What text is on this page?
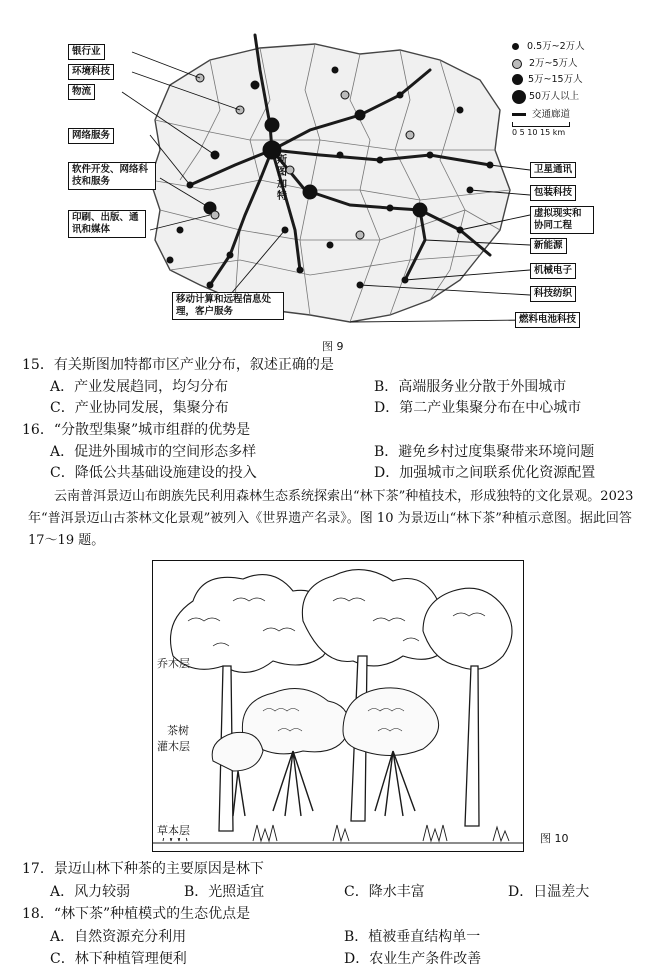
银行业
环境科技
物流
网络服务
软件开发、网络科技和服务
印刷、出版、通讯和媒体
移动计算和远程信息处理，客户服务
斯图加特
卫星通讯
包装科技
虚拟现实和协同工程
新能源
机械电子
科技纺织
燃料电池科技
0.5万~2万人
2万~5万人
5万~15万人
50万人以上
交通廊道
0 5 10 15 km
图 9
15．有关斯图加特都市区产业分布，叙述正确的是
A．产业发展趋同，均匀分布	B．高端服务业分散于外围城市
C．产业协同发展，集聚分布	D．第二产业集聚分布在中心城市
16．“分散型集聚”城市组群的优势是
A．促进外围城市的空间形态多样	B．避免乡村过度集聚带来环境问题
C．降低公共基础设施建设的投入	D．加强城市之间联系优化资源配置
云南普洱景迈山布朗族先民利用森林生态系统探索出“林下茶”种植技术，形成独特的文化景观。2023 年“普洱景迈山古茶林文化景观”被列入《世界遗产名录》。图 10 为景迈山“林下茶”种植示意图。据此回答 17～19 题。
乔木层
茶树
灌木层
草本层
图 10
17．景迈山林下种茶的主要原因是林下
A．风力较弱	B．光照适宜	C．降水丰富	D．日温差大
18．“林下茶”种植模式的生态优点是
A．自然资源充分利用	B．植被垂直结构单一
C．林下种植管理便利	D．农业生产条件改善
